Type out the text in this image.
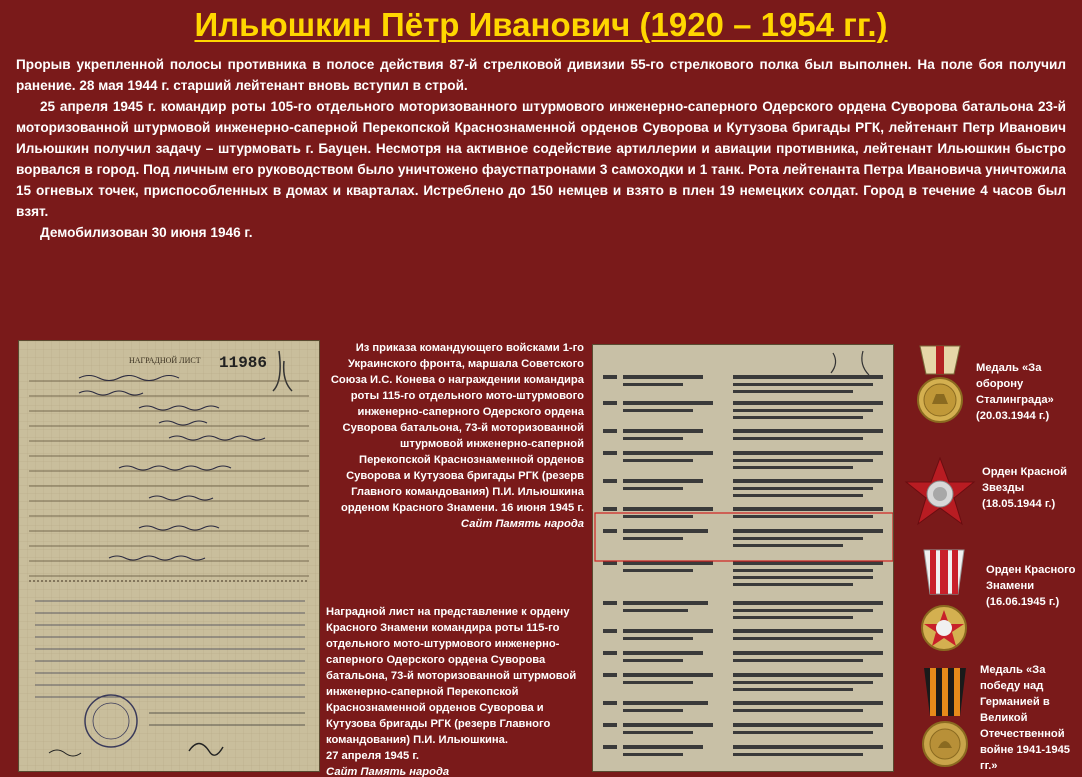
Ильюшкин Пётр Иванович (1920 – 1954 гг.)

Прорыв укрепленной полосы противника в полосе действия 87-й стрелковой дивизии 55-го стрелкового полка был выполнен. На поле боя получил ранение. 28 мая 1944 г. старший лейтенант вновь вступил в строй.

25 апреля 1945 г. командир роты 105-го отдельного моторизованного штурмового инженерно-саперного Одерского ордена Суворова батальона 23-й моторизованной штурмовой инженерно-саперной Перекопской Краснознаменной орденов Суворова и Кутузова бригады РГК, лейтенант Петр Иванович Ильюшкин получил задачу – штурмовать г. Бауцен. Несмотря на активное содействие артиллерии и авиации противника, лейтенант Ильюшкин быстро ворвался в город. Под личным его руководством было уничтожено фаустпатронами 3 самоходки и 1 танк. Рота лейтенанта Петра Ивановича уничтожила 15 огневых точек, приспособленных в домах и кварталах. Истреблено до 150 немцев и взято в плен 19 немецких солдат. Город в течение 4 часов был взят.

Демобилизован 30 июня 1946 г.

НАГРАДНОЙ ЛИСТ 11986
Из приказа командующего войсками 1-го Украинского фронта, маршала Советского Союза И.С. Конева о награждении командира роты 115-го отдельного мото-штурмового инженерно-саперного Одерского ордена Суворова батальона, 73-й моторизованной штурмовой инженерно-саперной Перекопской Краснознаменной орденов Суворова и Кутузова бригады РГК (резерв Главного командования) П.И. Ильюшкина орденом Красного Знамени. 16 июня 1945 г.
Сайт Память народа
Наградной лист на представление к ордену Красного Знамени командира роты 115-го отдельного мото-штурмового инженерно-саперного Одерского ордена Суворова батальона, 73-й моторизованной штурмовой инженерно-саперной Перекопской Краснознаменной орденов Суворова и Кутузова бригады РГК (резерв Главного командования) П.И. Ильюшкина.
27 апреля 1945 г.
Сайт Память народа
Медаль «За оборону Сталинграда» (20.03.1944 г.)
Орден Красной Звезды (18.05.1944 г.)
Орден Красного Знамени (16.06.1945 г.)
Медаль «За победу над Германией в Великой Отечественной войне 1941-1945 гг.»
